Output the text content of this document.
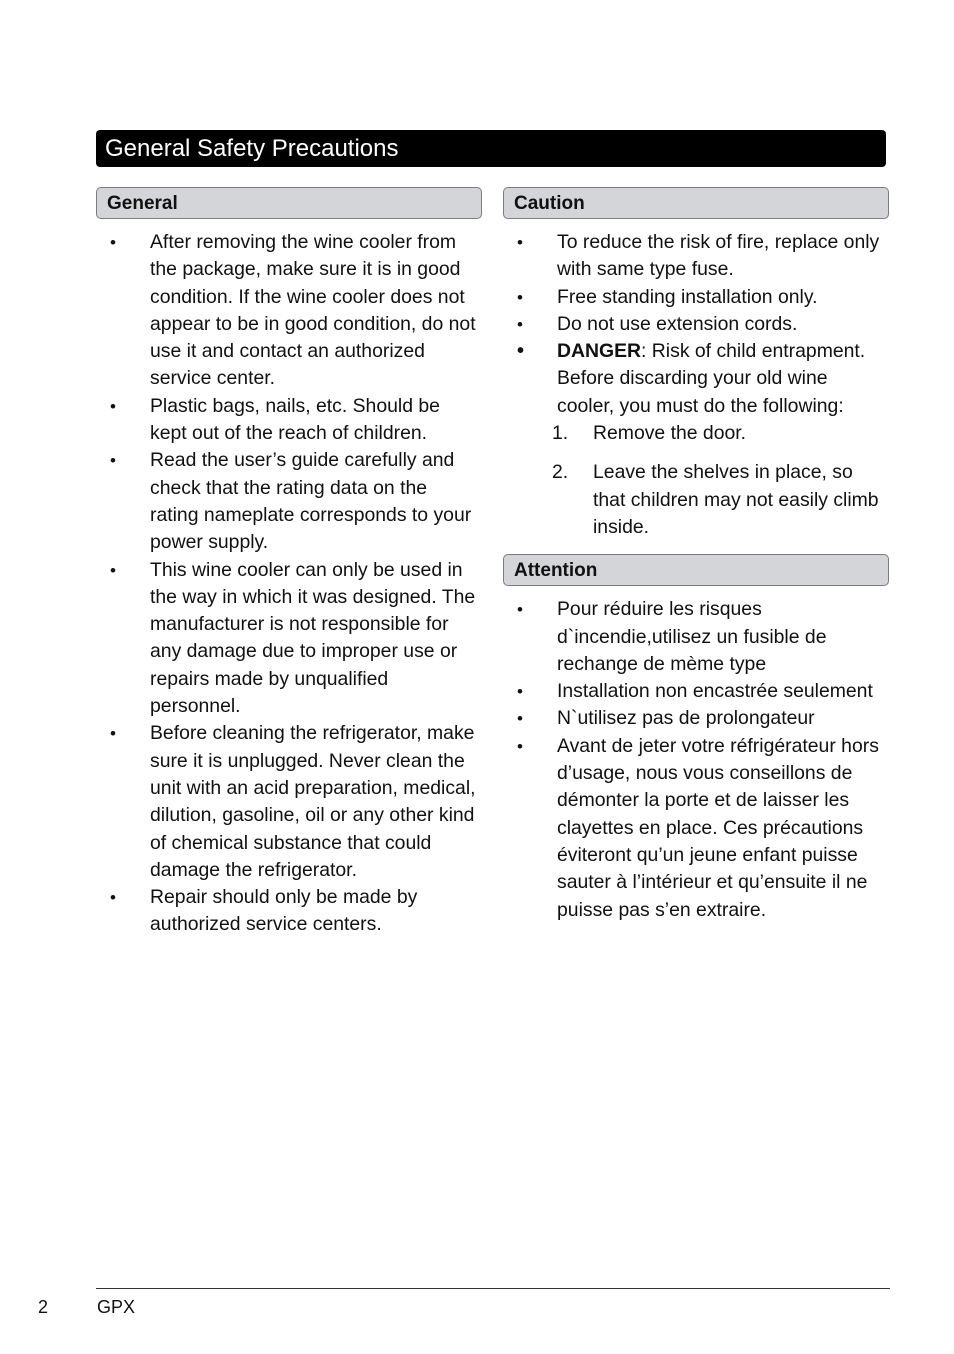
General Safety Precautions
General
• After removing the wine cooler from the package, make sure it is in good condition. If the wine cooler does not appear to be in good condition, do not use it and contact an authorized service center.
• Plastic bags, nails, etc. Should be kept out of the reach of children.
• Read the user’s guide carefully and check that the rating data on the rating nameplate corresponds to your power supply.
• This wine cooler can only be used in the way in which it was designed. The manufacturer is not responsible for any damage due to improper use or repairs made by unqualified personnel.
• Before cleaning the refrigerator, make sure it is unplugged. Never clean the unit with an acid preparation, medical, dilution, gasoline, oil or any other kind of chemical substance that could damage the refrigerator.
• Repair should only be made by authorized service centers.
Caution
• To reduce the risk of fire, replace only with same type fuse.
• Free standing installation only.
• Do not use extension cords.
• DANGER: Risk of child entrapment. Before discarding your old wine cooler, you must do the following:
1. Remove the door.
2. Leave the shelves in place, so that children may not easily climb inside.
Attention
• Pour réduire les risques d`incendie,utilisez un fusible de rechange de mème type
• Installation non encastrée seulement
• N`utilisez pas de prolongateur
• Avant de jeter votre réfrigérateur hors d’usage, nous vous conseillons de démonter la porte et de laisser les clayettes en place. Ces précautions éviteront qu’un jeune enfant puisse sauter à l’intérieur et qu’ensuite il ne puisse pas s’en extraire.
2	GPX
